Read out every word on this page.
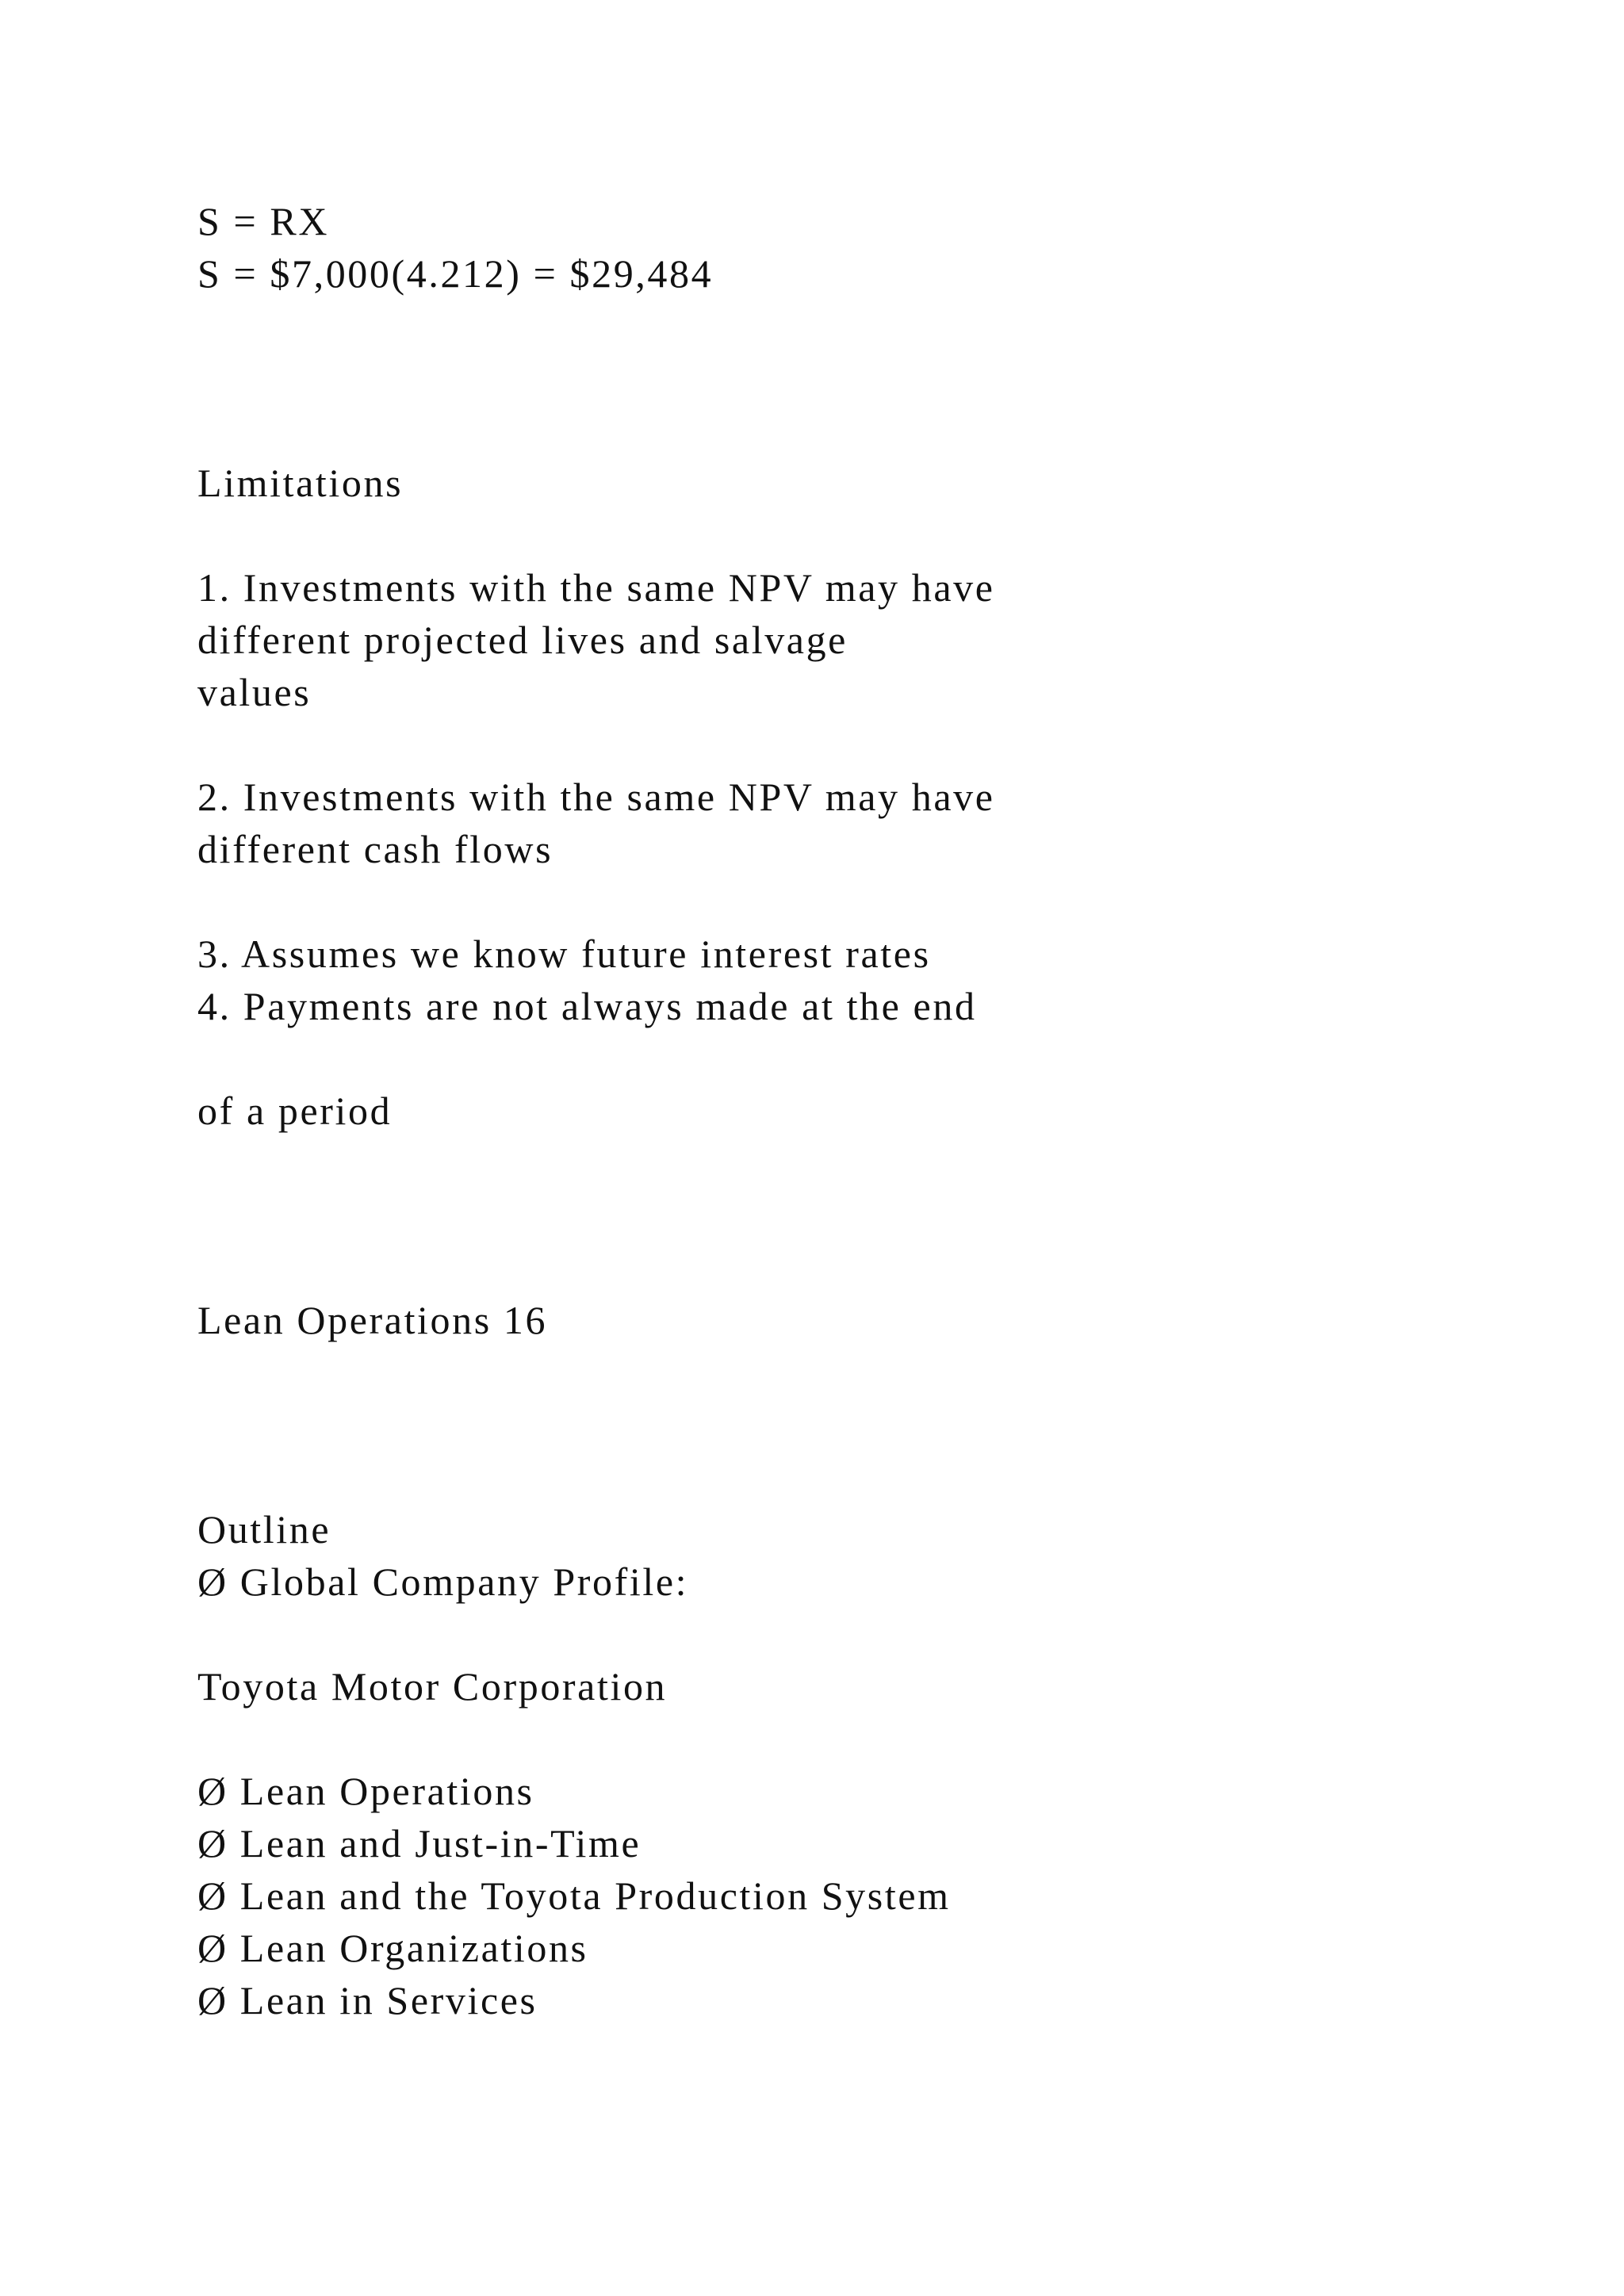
S = RX
S = $7,000(4.212) = $29,484
Limitations
1. Investments with the same NPV may have
different projected lives and salvage
values
2. Investments with the same NPV may have
different cash flows
3. Assumes we know future interest rates
4. Payments are not always made at the end
of a period
Lean Operations 16
Outline
Ø Global Company Profile:
Toyota Motor Corporation
Ø Lean Operations
Ø Lean and Just-in-Time
Ø Lean and the Toyota Production System
Ø Lean Organizations
Ø Lean in Services
